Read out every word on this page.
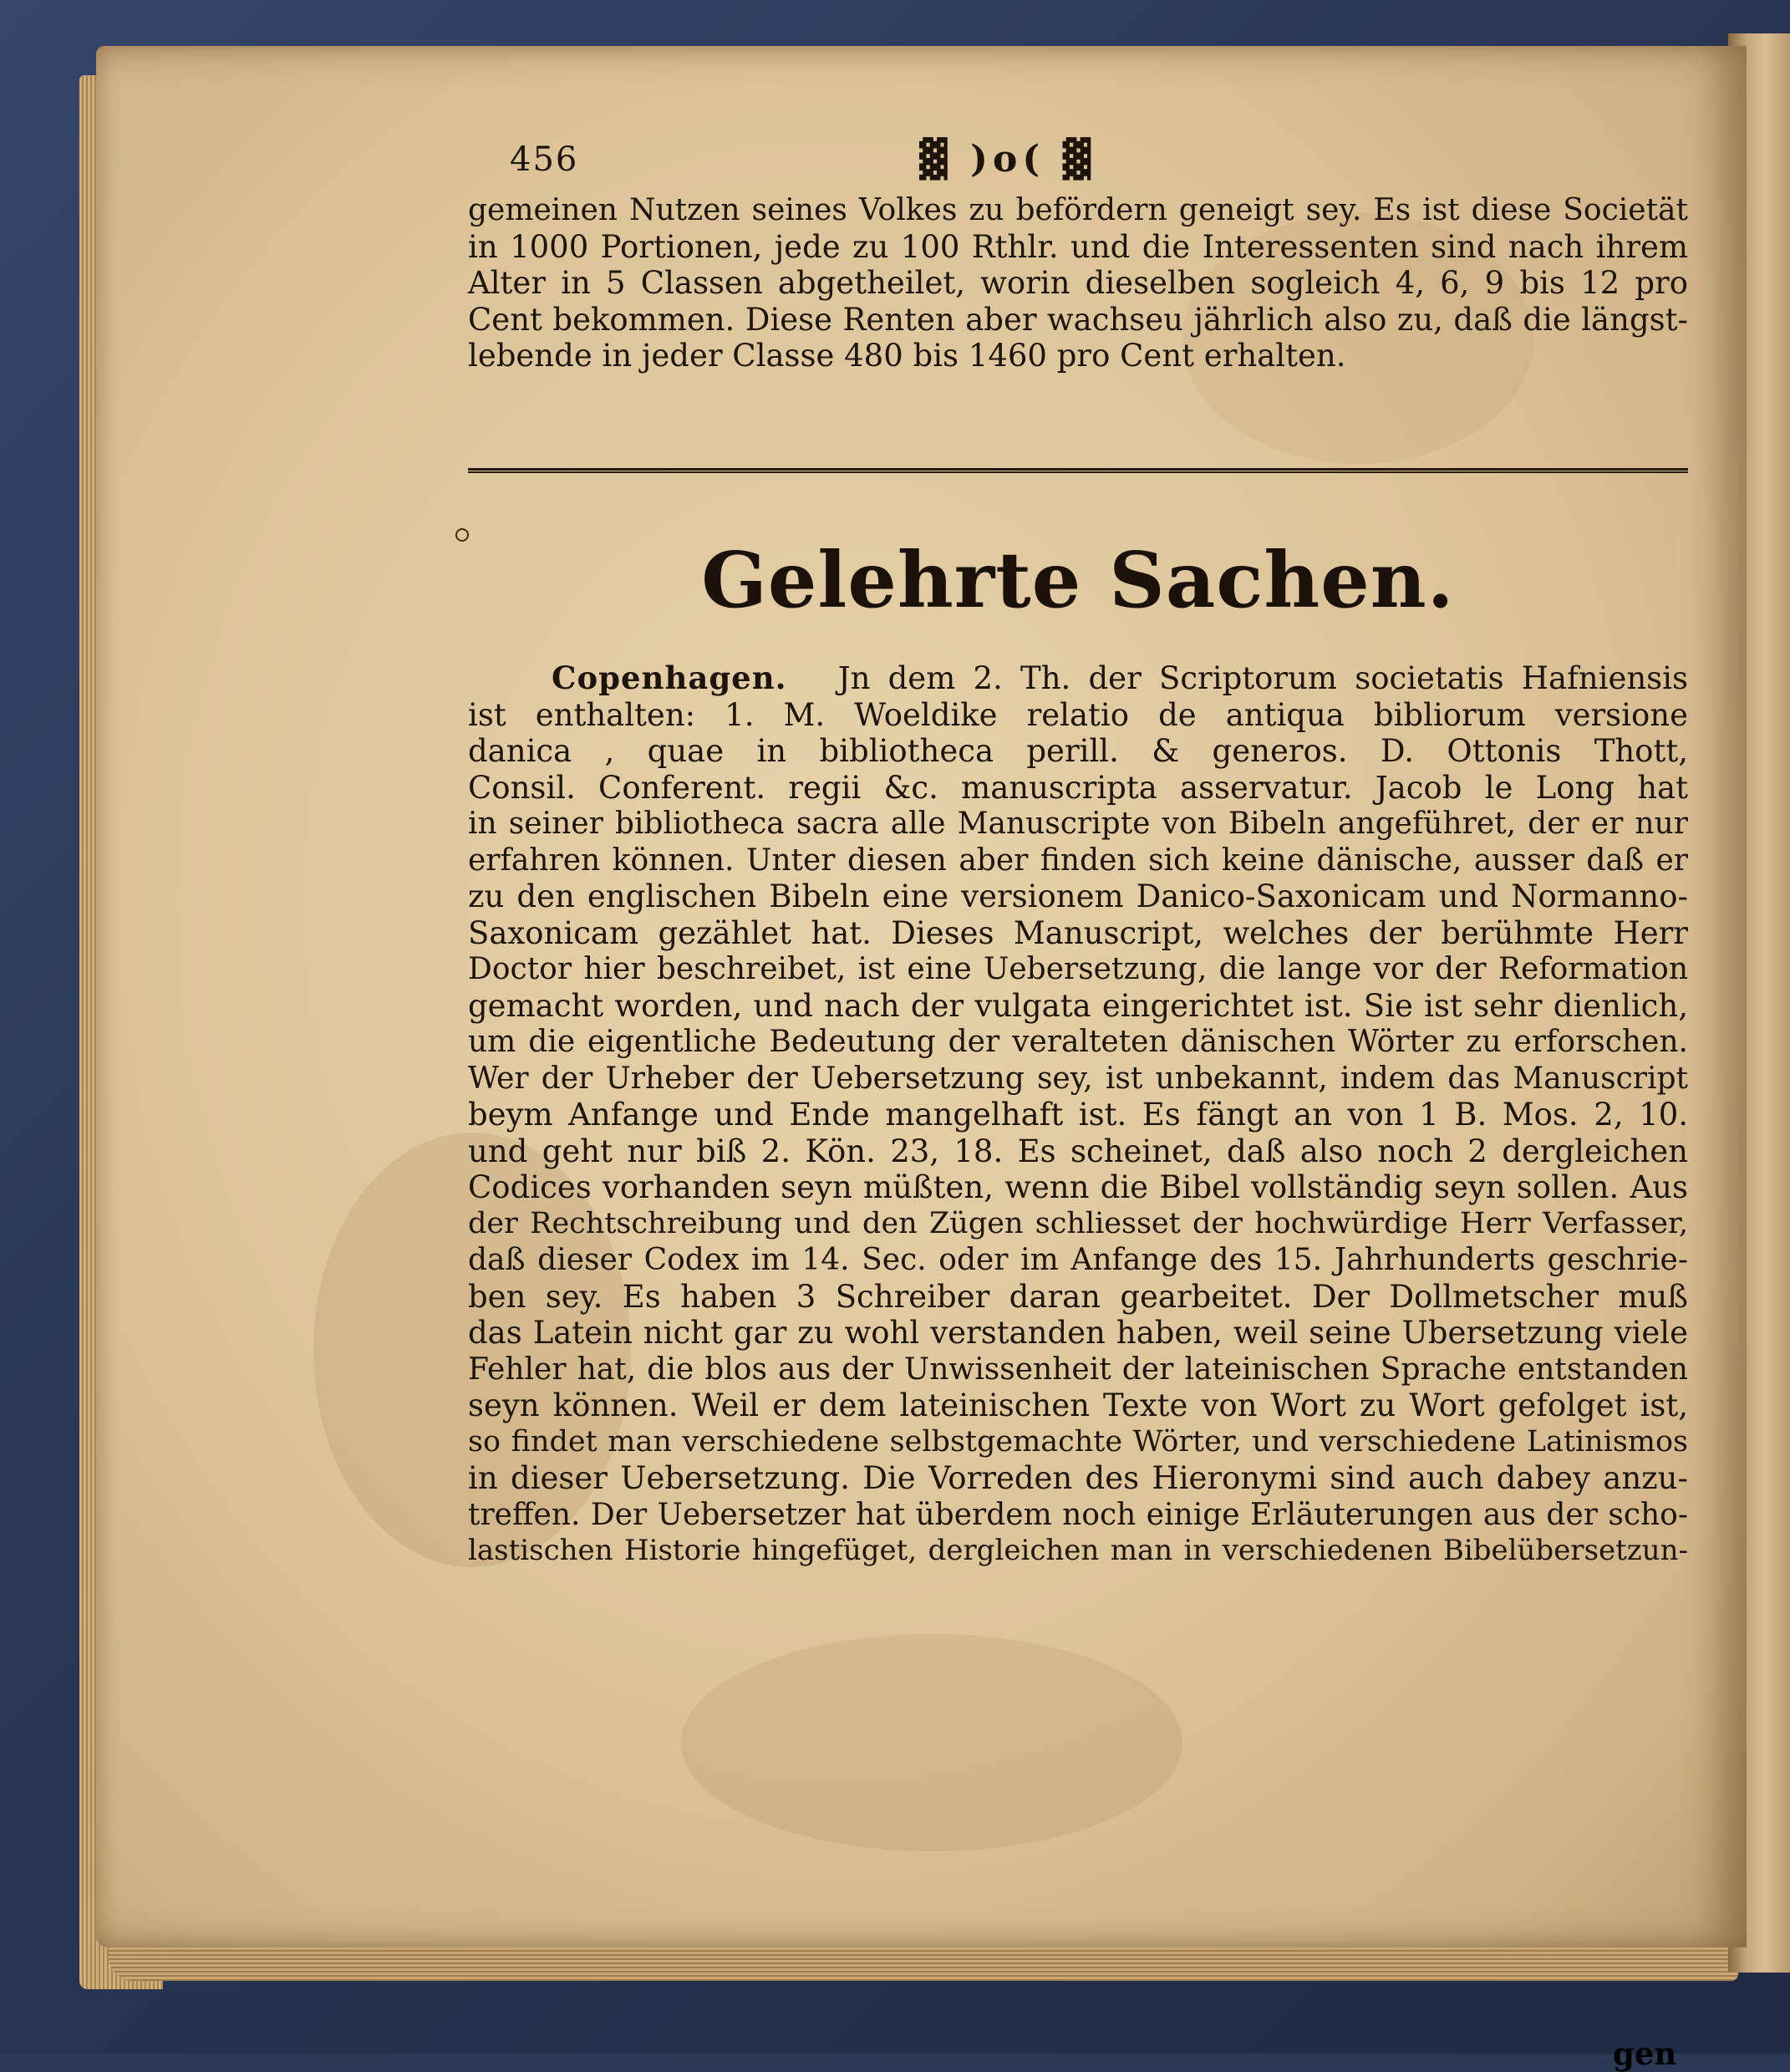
456	▓ )o( ▓

gemeinen Nutzen seines Volkes zu befördern geneigt sey. Es ist diese Societät
in 1000 Portionen, jede zu 100 Rthlr. und die Interessenten sind nach ihrem
Alter in 5 Classen abgetheilet, worin dieselben sogleich 4, 6, 9 bis 12 pro
Cent bekommen. Diese Renten aber wachseu jährlich also zu, daß die längst-
lebende in jeder Classe 480 bis 1460 pro Cent erhalten.

Gelehrte Sachen.

Copenhagen. Jn dem 2. Th. der Scriptorum societatis Hafniensis
ist enthalten: 1. M. Woeldike relatio de antiqua bibliorum versione
danica , quae in bibliotheca perill. & generos. D. Ottonis Thott,
Consil. Conferent. regii &c. manuscripta asservatur. Jacob le Long hat
in seiner bibliotheca sacra alle Manuscripte von Bibeln angeführet, der er nur
erfahren können. Unter diesen aber finden sich keine dänische, ausser daß er
zu den englischen Bibeln eine versionem Danico-Saxonicam und Normanno-
Saxonicam gezählet hat. Dieses Manuscript, welches der berühmte Herr
Doctor hier beschreibet, ist eine Uebersetzung, die lange vor der Reformation
gemacht worden, und nach der vulgata eingerichtet ist. Sie ist sehr dienlich,
um die eigentliche Bedeutung der veralteten dänischen Wörter zu erforschen.
Wer der Urheber der Uebersetzung sey, ist unbekannt, indem das Manuscript
beym Anfange und Ende mangelhaft ist. Es fängt an von 1 B. Mos. 2, 10.
und geht nur biß 2. Kön. 23, 18. Es scheinet, daß also noch 2 dergleichen
Codices vorhanden seyn müßten, wenn die Bibel vollständig seyn sollen. Aus
der Rechtschreibung und den Zügen schliesset der hochwürdige Herr Verfasser,
daß dieser Codex im 14. Sec. oder im Anfange des 15. Jahrhunderts geschrie-
ben sey. Es haben 3 Schreiber daran gearbeitet. Der Dollmetscher muß
das Latein nicht gar zu wohl verstanden haben, weil seine Ubersetzung viele
Fehler hat, die blos aus der Unwissenheit der lateinischen Sprache entstanden
seyn können. Weil er dem lateinischen Texte von Wort zu Wort gefolget ist,
so findet man verschiedene selbstgemachte Wörter, und verschiedene Latinismos
in dieser Uebersetzung. Die Vorreden des Hieronymi sind auch dabey anzu-
treffen. Der Uebersetzer hat überdem noch einige Erläuterungen aus der scho-
lastischen Historie hingefüget, dergleichen man in verschiedenen Bibelübersetzun-

gen
